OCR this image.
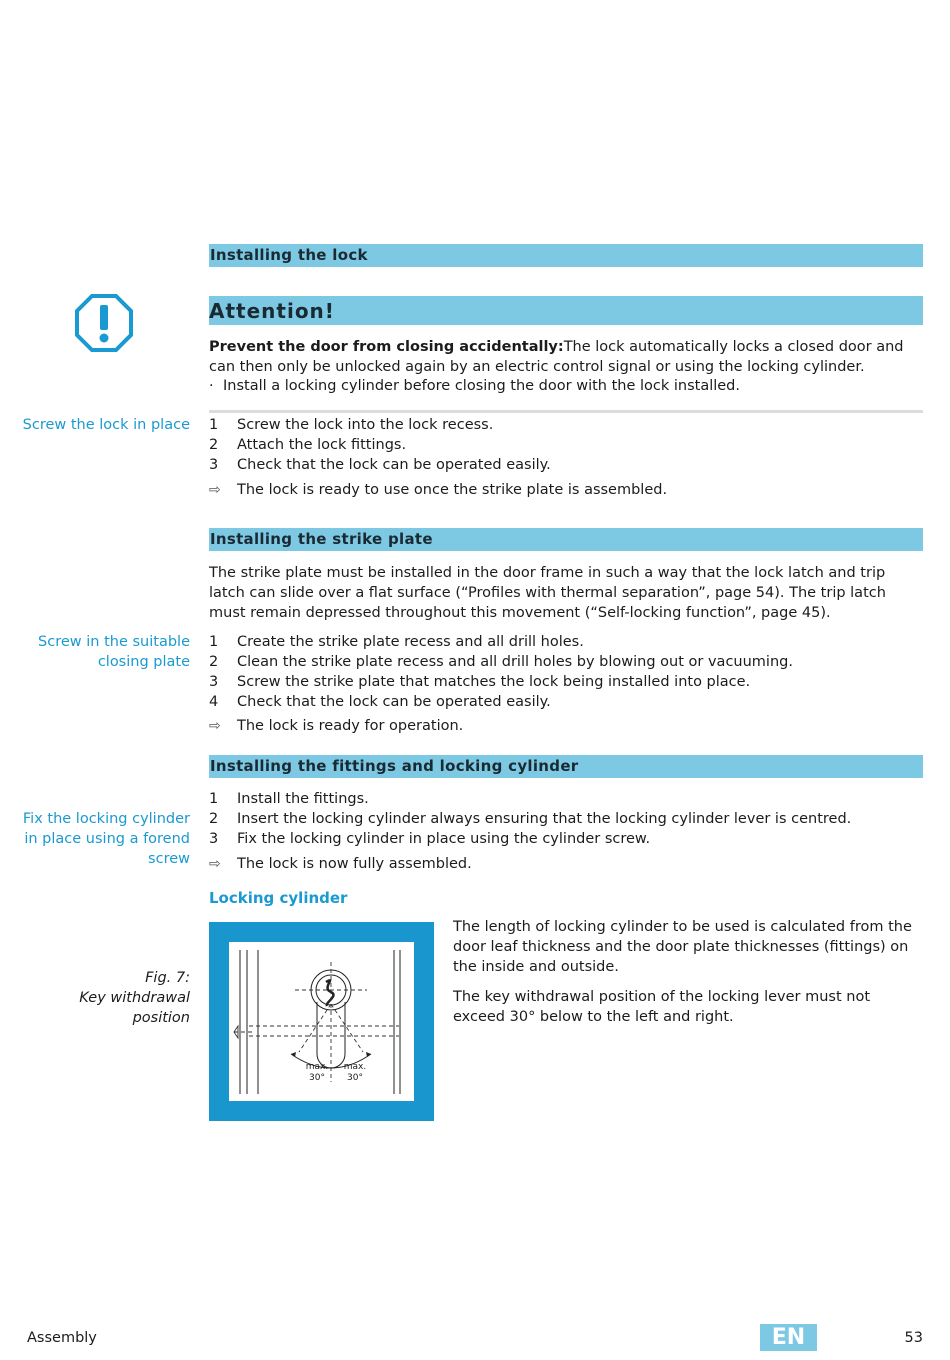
Installing the lock
Attention!
Prevent the door from closing accidentally:The lock automatically locks a closed door and can then only be unlocked again by an electric control signal or using the locking cylinder.
· Install a locking cylinder before closing the door with the lock installed.
Screw the lock in place 1	Screw the lock into the lock recess.
2	Attach the lock fittings.
3	Check that the lock can be operated easily.
⇨	The lock is ready to use once the strike plate is assembled.
Installing the strike plate
The strike plate must be installed in the door frame in such a way that the lock latch and trip latch can slide over a flat surface (“Profiles with thermal separation”, page 54). The trip latch must remain depressed throughout this movement (“Self-locking function”, page 45).
Screw in the suitable
closing plate
1	Create the strike plate recess and all drill holes.
2	Clean the strike plate recess and all drill holes by blowing out or vacuuming.
3	Screw the strike plate that matches the lock being installed into place.
4	Check that the lock can be operated easily.
⇨	The lock is ready for operation.
Installing the fittings and locking cylinder
Fix the locking cylinder
in place using a forend
screw
1	Install the fittings.
2	Insert the locking cylinder always ensuring that the locking cylinder lever is centred.
3	Fix the locking cylinder in place using the cylinder screw.
⇨	The lock is now fully assembled.
Locking cylinder
Fig. 7:
Key withdrawal position
max.
30°
max.
30°
The length of locking cylinder to be used is calculated from the door leaf thickness and the door plate thicknesses (fittings) on the inside and outside.
The key withdrawal position of the locking lever must not exceed 30° below to the left and right.
Assembly	EN	53
